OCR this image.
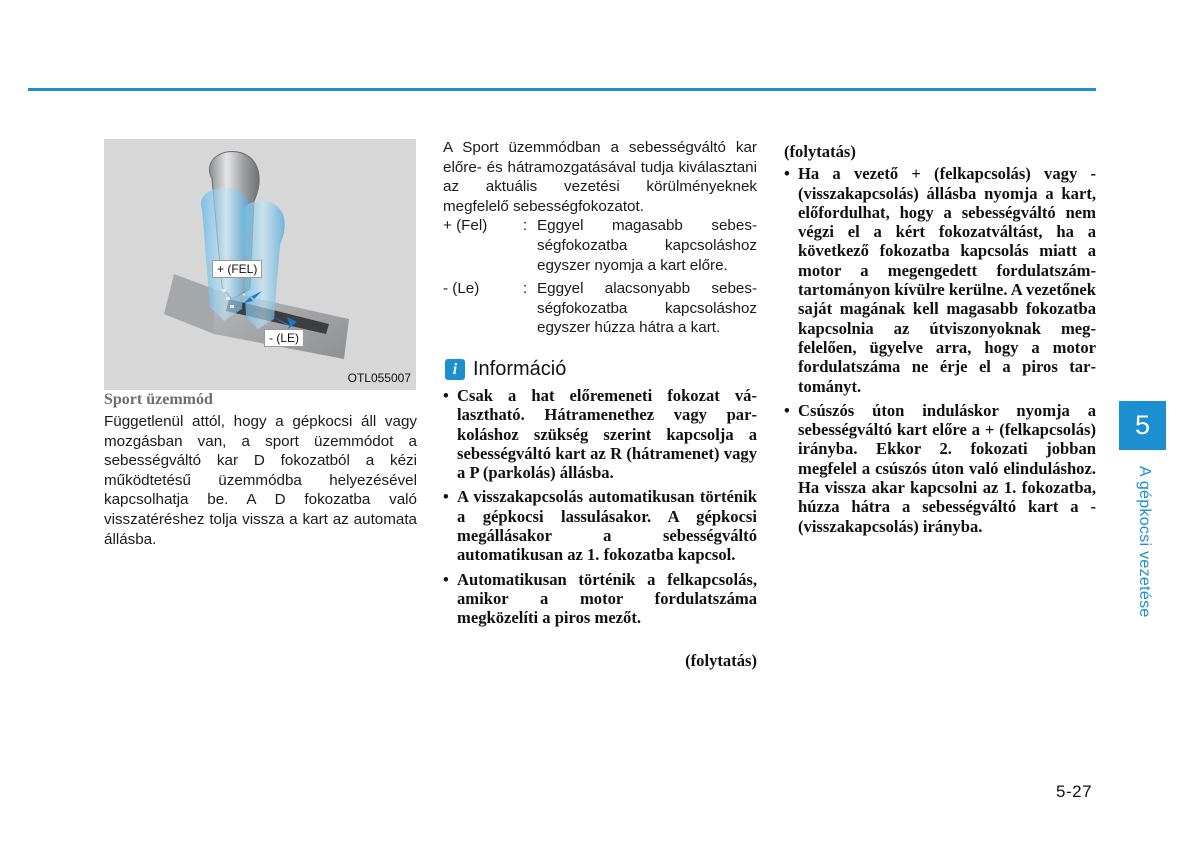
+ (FEL)
- (LE)
OTL055007
Sport üzemmód
Függetlenül attól, hogy a gépkocsi áll vagy mozgásban van, a sport üzemmódot a sebességváltó kar D fokozatból a kézi működtetésű üzemmódba helyezésével kapcsolhatja be. A D fokozatba való visszatéréshez tolja vissza a kart az automata állásba.
A Sport üzemmódban a sebességváltó kar előre- és hátramozgatásával tudja kiválasztani az aktuális vezetési körülményeknek megfelelő sebességfokozatot.
+ (Fel)	: Eggyel magasabb sebességfokozatba kapcsoláshoz egyszer nyomja a kart előre.
- (Le)	: Eggyel alacsonyabb sebességfokozatba kapcsoláshoz egyszer húzza hátra a kart.
i Információ
• Csak a hat előremeneti fokozat választható. Hátramenethez vagy parkoláshoz szükség szerint kapcsolja a sebességváltó kart az R (hátramenet) vagy a P (parkolás) állásba.
• A visszakapcsolás automatikusan történik a gépkocsi lassulásakor. A gépkocsi megállásakor a sebességváltó automatikusan az 1. fokozatba kapcsol.
• Automatikusan történik a felkapcsolás, amikor a motor fordulatszáma megközelíti a piros mezőt.
(folytatás)
(folytatás)
• Ha a vezető + (felkapcsolás) vagy - (visszakapcsolás) állásba nyomja a kart, előfordulhat, hogy a sebességváltó nem végzi el a kért fokozatváltást, ha a következő fokozatba kapcsolás miatt a motor a megengedett fordulatszám-tartományon kívülre kerülne. A vezetőnek saját magának kell magasabb fokozatba kapcsolnia az útviszonyoknak megfelelően, ügyelve arra, hogy a motor fordulatszáma ne érje el a piros tartományt.
• Csúszós úton induláskor nyomja a sebességváltó kart előre a + (felkapcsolás) irányba. Ekkor 2. fokozati jobban megfelel a csúszós úton való elinduláshoz. Ha vissza akar kapcsolni az 1. fokozatba, húzza hátra a sebességváltó kart a - (visszakapcsolás) irányba.
5
A gépkocsi vezetése
5-27
